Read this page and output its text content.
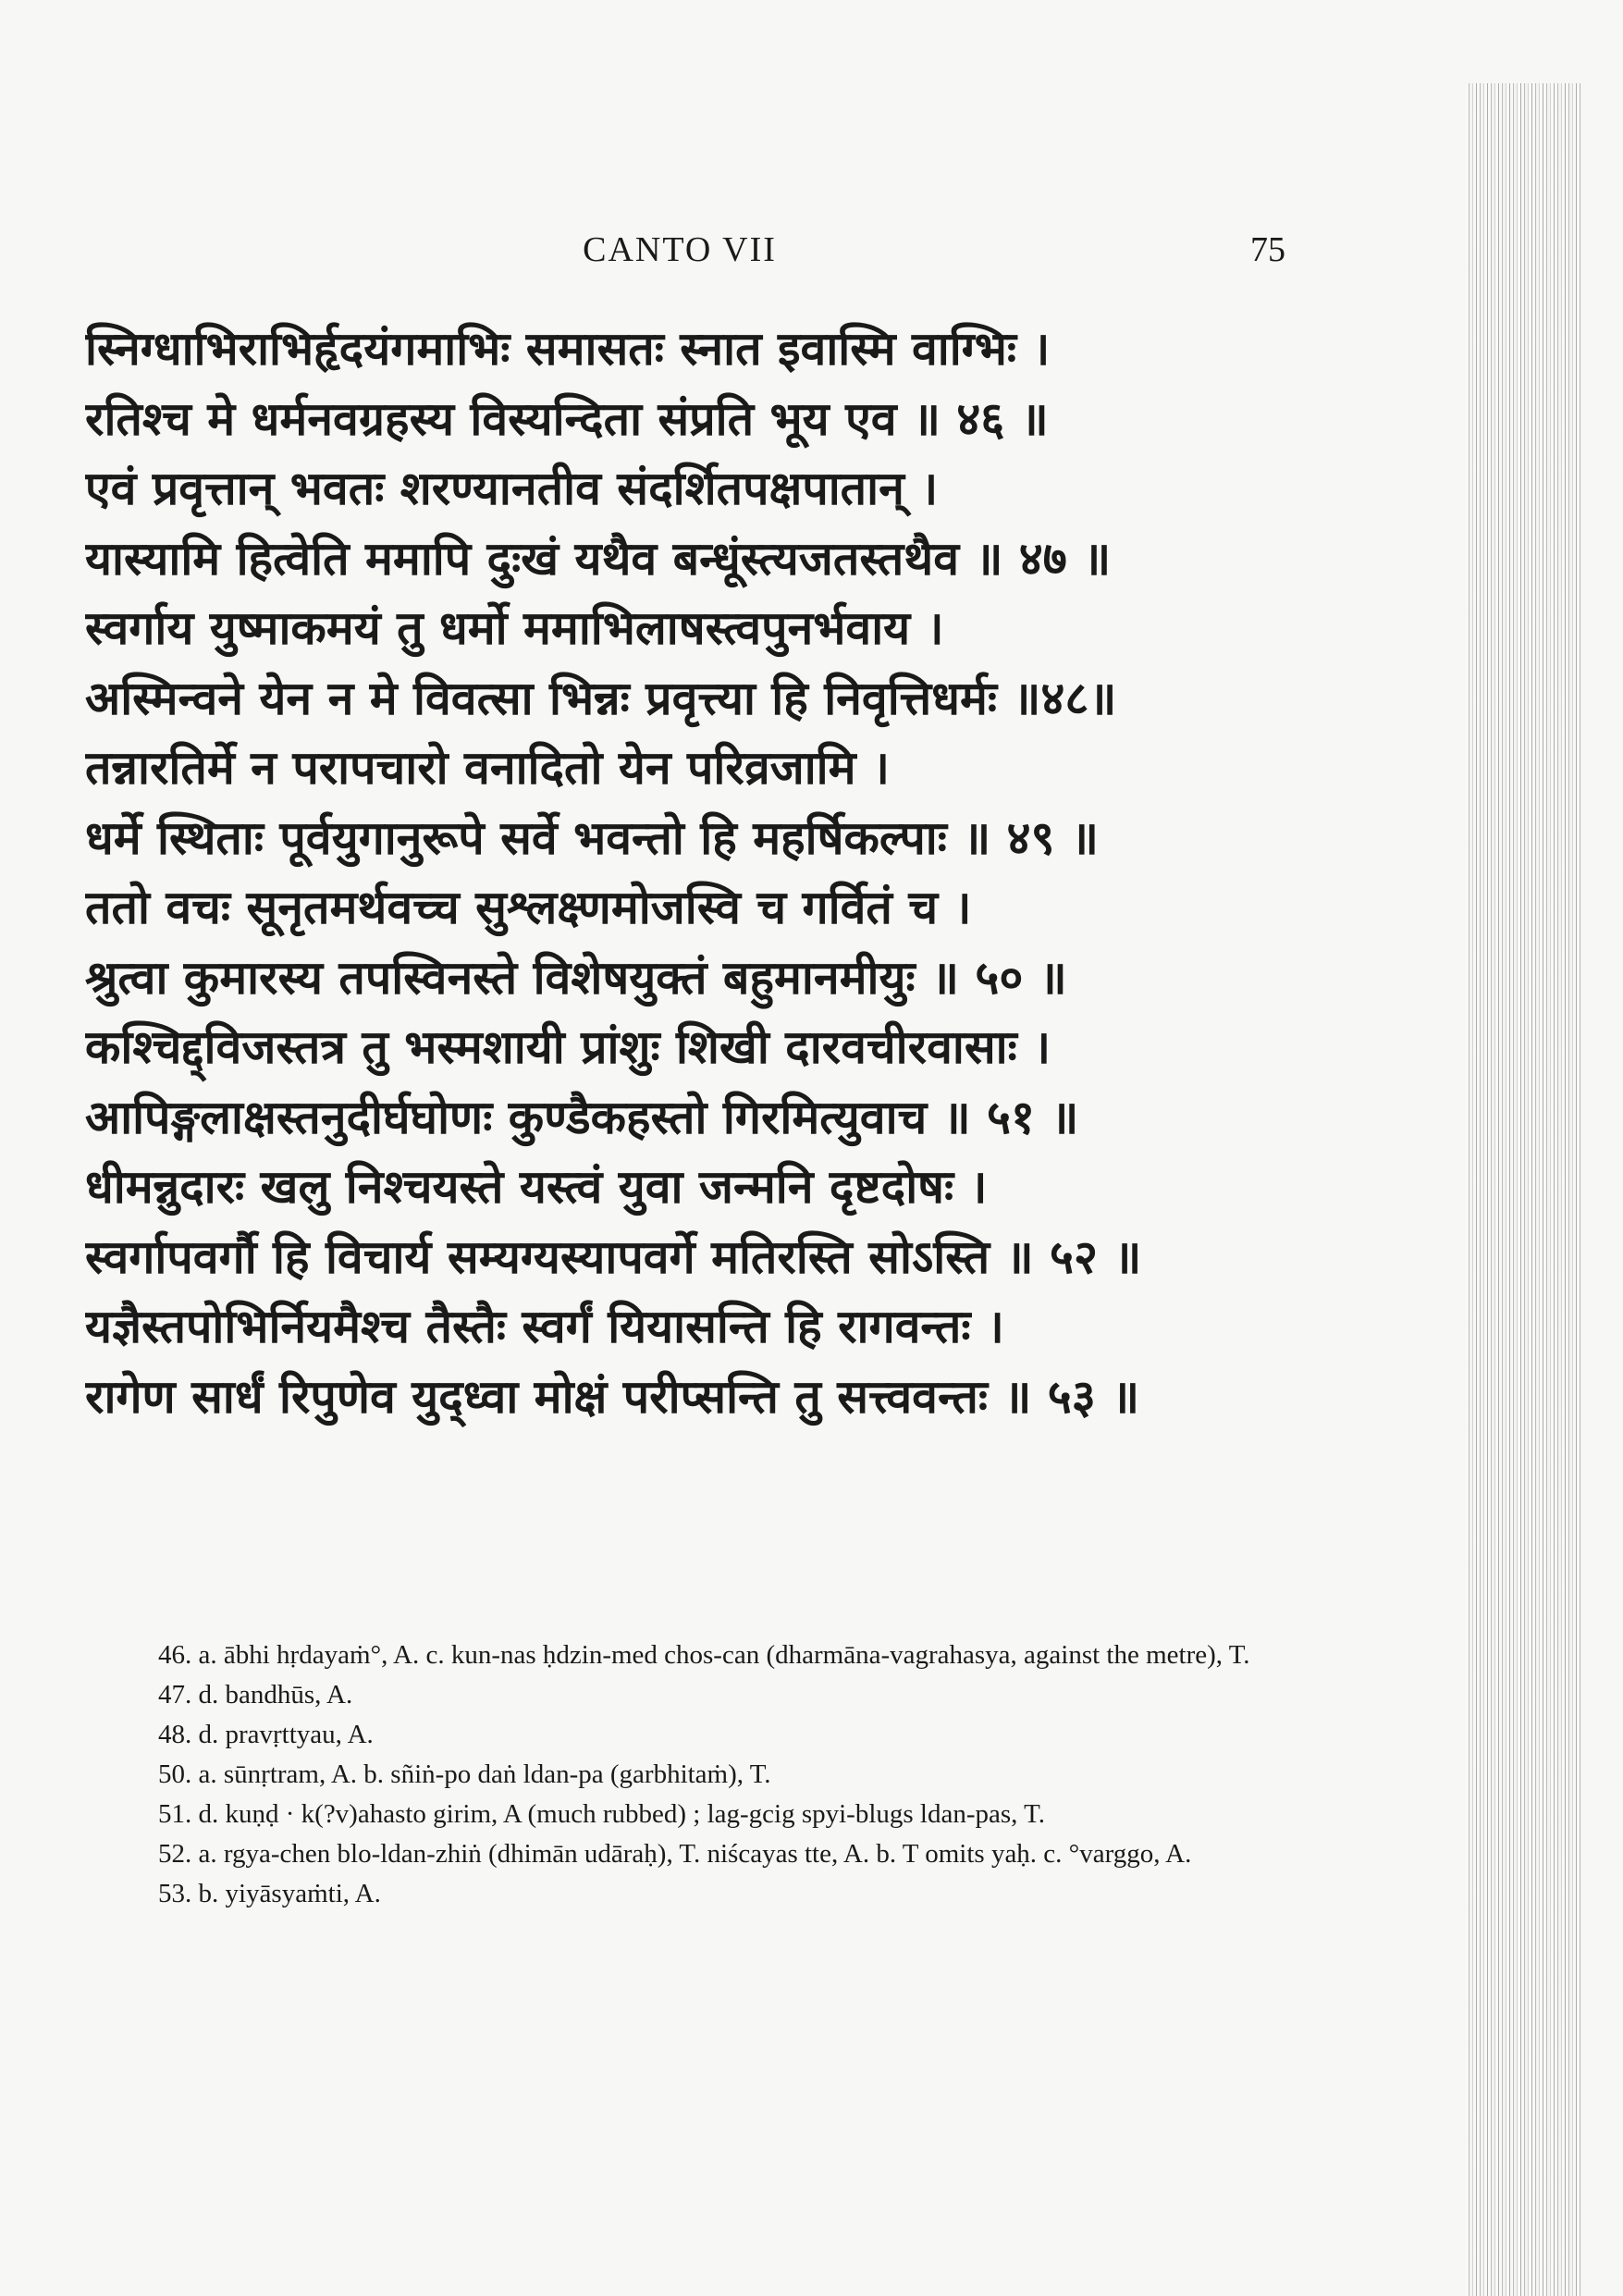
CANTO VII	75
स्निग्धाभिराभिर्हृदयंगमाभिः समासतः स्नात इवास्मि वाग्भिः ।
रतिश्च मे धर्मनवग्रहस्य विस्यन्दिता संप्रति भूय एव ॥ ४६ ॥
एवं प्रवृत्तान् भवतः शरण्यानतीव संदर्शितपक्षपातान् ।
यास्यामि हित्वेति ममापि दुःखं यथैव बन्धूंस्त्यजतस्तथैव ॥ ४७ ॥
स्वर्गाय युष्माकमयं तु धर्मो ममाभिलाषस्त्वपुनर्भवाय ।
अस्मिन्वने येन न मे विवत्सा भिन्नः प्रवृत्त्या हि निवृत्तिधर्मः ॥४८॥
तन्नारतिर्मे न परापचारो वनादितो येन परिव्रजामि ।
धर्मे स्थिताः पूर्वयुगानुरूपे सर्वे भवन्तो हि महर्षिकल्पाः ॥ ४९ ॥
ततो वचः सूनृतमर्थवच्च सुश्लक्ष्णमोजस्वि च गर्वितं च ।
श्रुत्वा कुमारस्य तपस्विनस्ते विशेषयुक्तं बहुमानमीयुः ॥ ५० ॥
कश्चिद्द्विजस्तत्र तु भस्मशायी प्रांशुः शिखी दारवचीरवासाः ।
आपिङ्गलाक्षस्तनुदीर्घघोणः कुण्डैकहस्तो गिरमित्युवाच ॥ ५१ ॥
धीमन्नुदारः खलु निश्चयस्ते यस्त्वं युवा जन्मनि दृष्टदोषः ।
स्वर्गापवर्गौ हि विचार्य सम्यग्यस्यापवर्गे मतिरस्ति सोऽस्ति ॥ ५२ ॥
यज्ञैस्तपोभिर्नियमैश्च तैस्तैः स्वर्गं यियासन्ति हि रागवन्तः ।
रागेण सार्धं रिपुणेव युद्ध्वा मोक्षं परीप्सन्ति तु सत्त्ववन्तः ॥ ५३ ॥

46. a. ābhi hṛdayaṁ°, A. c. kun-nas ḥdzin-med chos-can (dharmāna-vagrahasya, against the metre), T.

47. d. bandhūs, A.

48. d. pravṛttyau, A.

50. a. sūnṛtram, A. b. sñiṅ-po daṅ ldan-pa (garbhitaṁ), T.

51. d. kuṇḍ · k(?v)ahasto girim, A (much rubbed) ; lag-gcig spyi-blugs ldan-pas, T.

52. a. rgya-chen blo-ldan-zhiṅ (dhimān udāraḥ), T. niścayas tte, A. b. T omits yaḥ. c. °varggo, A.

53. b. yiyāsyaṁti, A.
